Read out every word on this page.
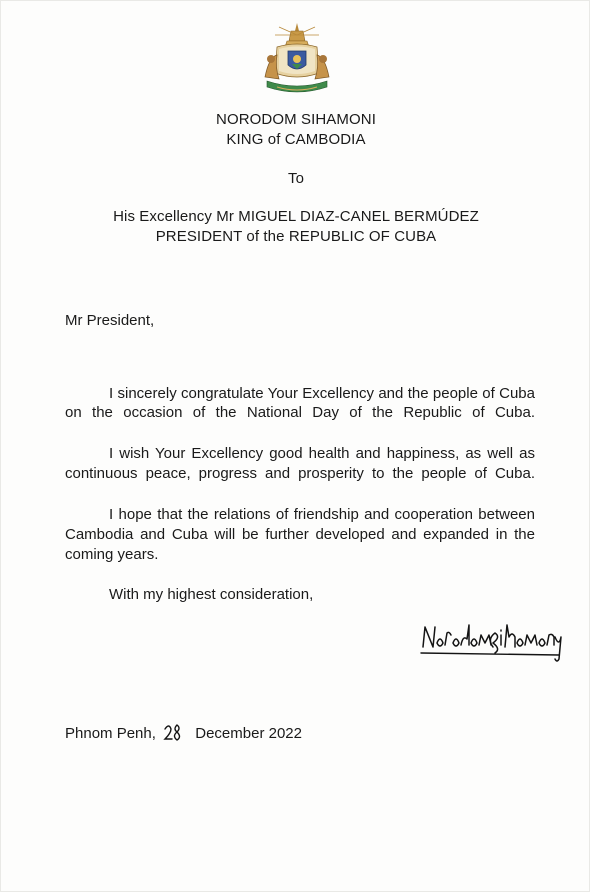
NORODOM SIHAMONI
KING of CAMBODIA
To
His Excellency Mr MIGUEL DIAZ-CANEL BERMÚDEZ
PRESIDENT of the REPUBLIC OF CUBA
Mr President,
I sincerely congratulate Your Excellency and the people of Cuba
on the occasion of the National Day of the Republic of Cuba.
I wish Your Excellency good health and happiness, as well as
continuous peace, progress and prosperity to the people of Cuba.
I hope that the relations of friendship and cooperation between
Cambodia and Cuba will be further developed and expanded in the
coming years.
With my highest consideration,
Phnom Penh,	December 2022
